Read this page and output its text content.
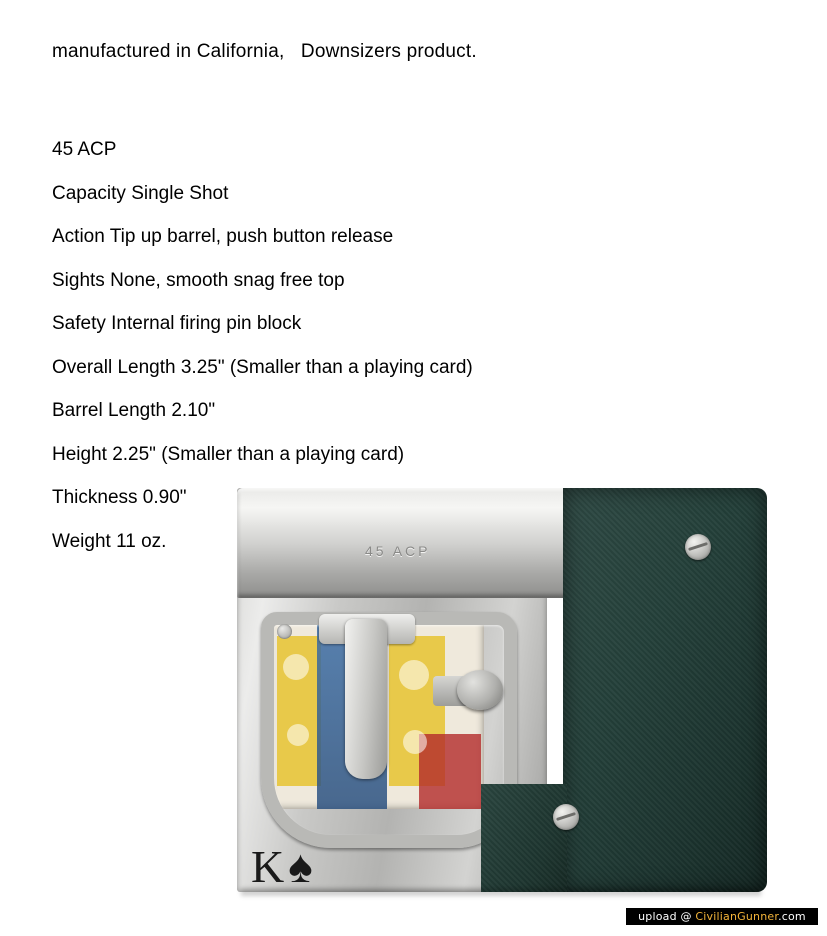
manufactured in California,   Downsizers product.
45 ACP
Capacity Single Shot
Action Tip up barrel, push button release
Sights None, smooth snag free top
Safety Internal firing pin block
Overall Length 3.25" (Smaller than a playing card)
Barrel Length 2.10"
Height 2.25" (Smaller than a playing card)
Thickness 0.90"
Weight 11 oz.	45 ACP
K♠
upload @ CivilianGunner.com
